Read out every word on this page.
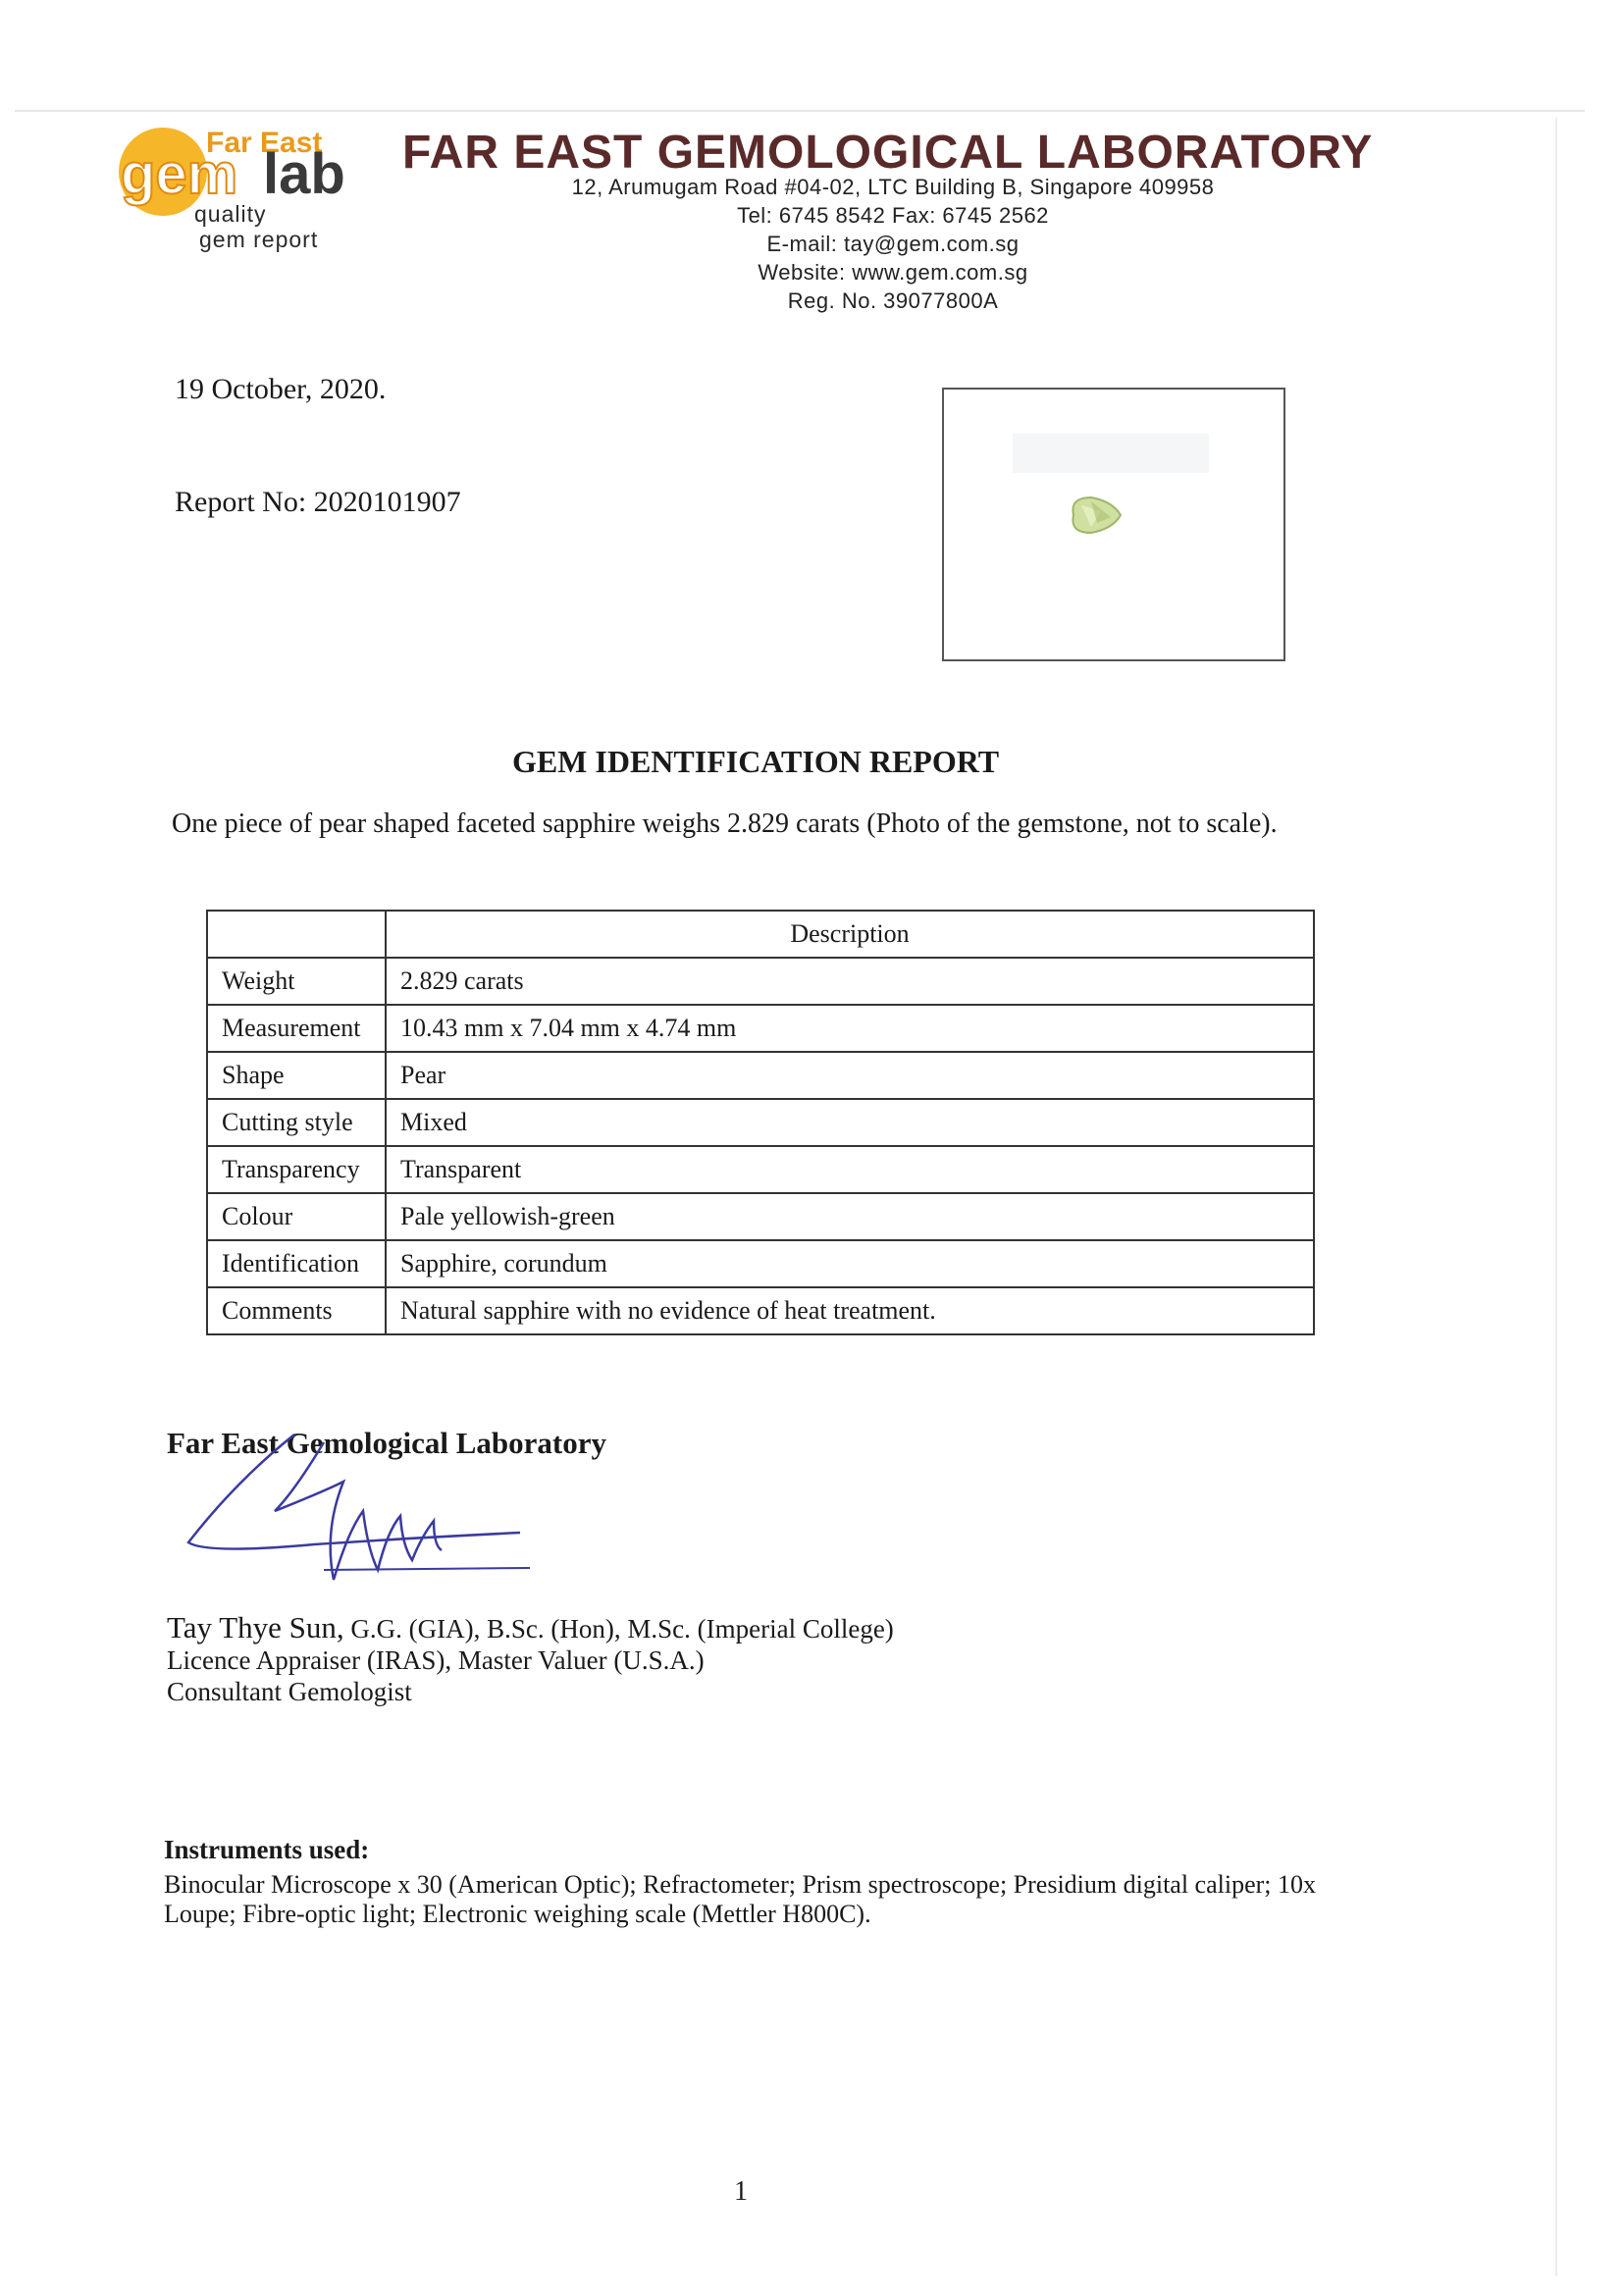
Far East
gem lab
quality
gem report
FAR EAST GEMOLOGICAL LABORATORY
12, Arumugam Road #04-02, LTC Building B, Singapore 409958
Tel: 6745 8542 Fax: 6745 2562
E-mail: tay@gem.com.sg
Website: www.gem.com.sg
Reg. No. 39077800A
19 October, 2020.
Report No: 2020101907
GEM IDENTIFICATION REPORT
One piece of pear shaped faceted sapphire weighs 2.829 carats (Photo of the gemstone, not to scale).
	Description
Weight	2.829 carats
Measurement	10.43 mm x 7.04 mm x 4.74 mm
Shape	Pear
Cutting style	Mixed
Transparency	Transparent
Colour	Pale yellowish-green
Identification	Sapphire, corundum
Comments	Natural sapphire with no evidence of heat treatment.
Far East Gemological Laboratory
Tay Thye Sun, G.G. (GIA), B.Sc. (Hon), M.Sc. (Imperial College)
Licence Appraiser (IRAS), Master Valuer (U.S.A.)
Consultant Gemologist
Instruments used:
Binocular Microscope x 30 (American Optic); Refractometer; Prism spectroscope; Presidium digital caliper; 10x Loupe; Fibre-optic light; Electronic weighing scale (Mettler H800C).
1
